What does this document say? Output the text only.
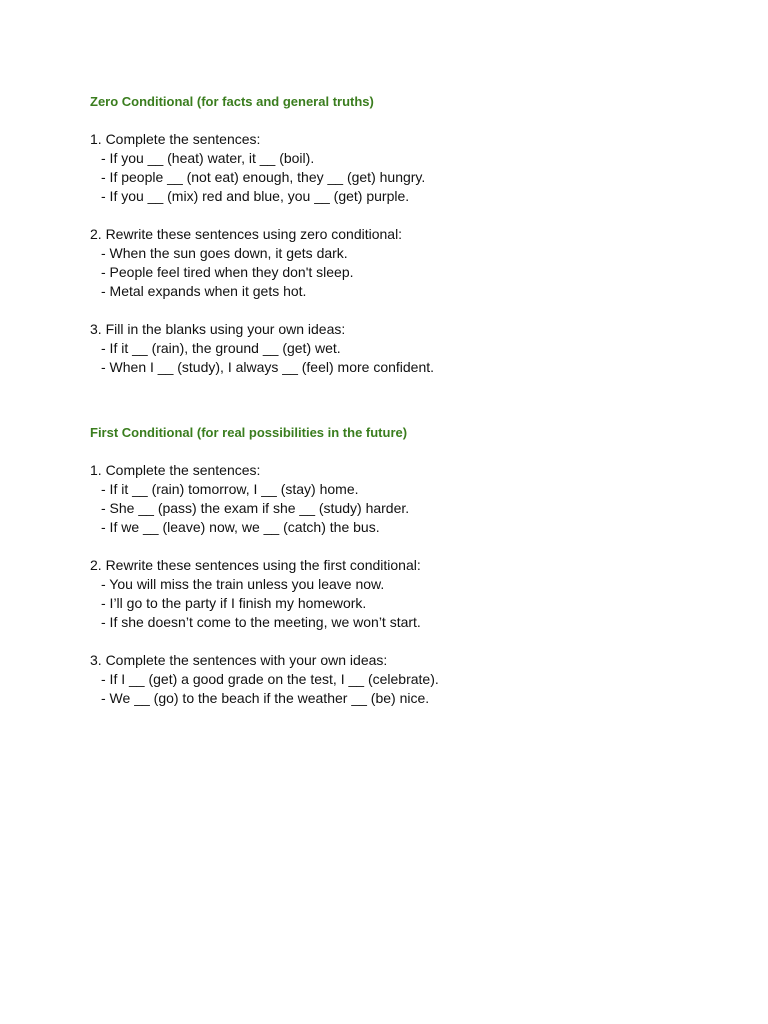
Zero Conditional (for facts and general truths)
1. Complete the sentences:
- If you __ (heat) water, it __ (boil).
- If people __ (not eat) enough, they __ (get) hungry.
- If you __ (mix) red and blue, you __ (get) purple.
2. Rewrite these sentences using zero conditional:
- When the sun goes down, it gets dark.
- People feel tired when they don't sleep.
- Metal expands when it gets hot.
3. Fill in the blanks using your own ideas:
- If it __ (rain), the ground __ (get) wet.
- When I __ (study), I always __ (feel) more confident.
First Conditional (for real possibilities in the future)
1. Complete the sentences:
- If it __ (rain) tomorrow, I __ (stay) home.
- She __ (pass) the exam if she __ (study) harder.
- If we __ (leave) now, we __ (catch) the bus.
2. Rewrite these sentences using the first conditional:
- You will miss the train unless you leave now.
- I’ll go to the party if I finish my homework.
- If she doesn’t come to the meeting, we won’t start.
3. Complete the sentences with your own ideas:
- If I __ (get) a good grade on the test, I __ (celebrate).
- We __ (go) to the beach if the weather __ (be) nice.
